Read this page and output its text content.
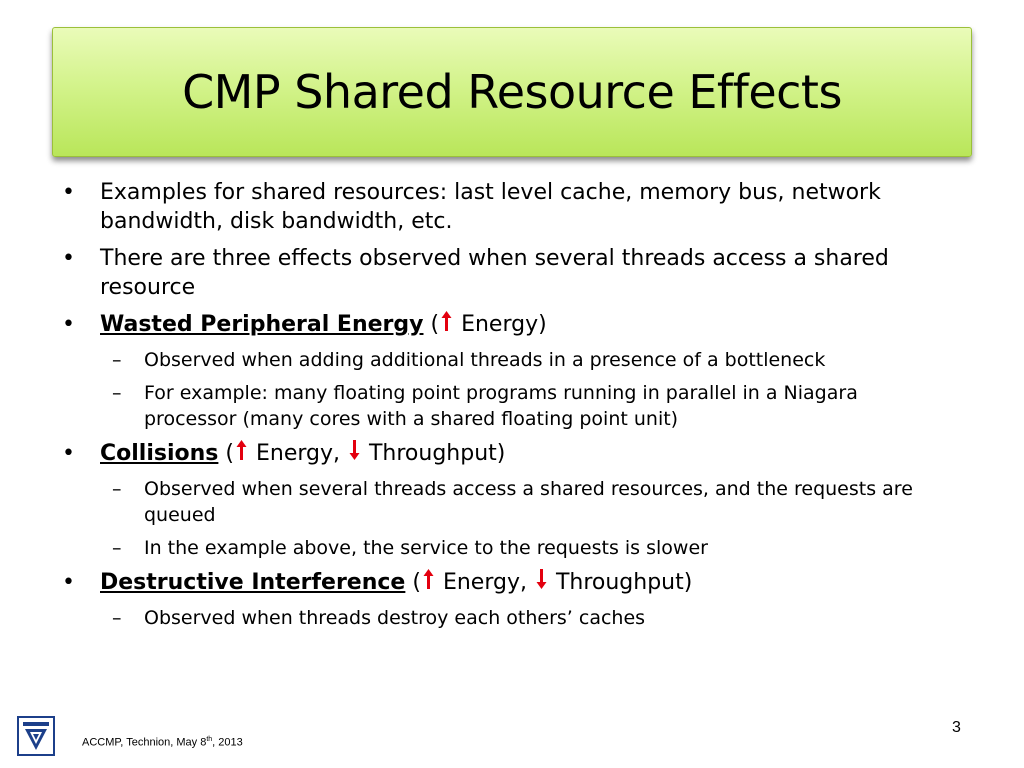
CMP Shared Resource Effects
•	Examples for shared resources: last level cache, memory bus, network bandwidth, disk bandwidth, etc.
•	There are three effects observed when several threads access a shared resource
•	Wasted Peripheral Energy ( Energy)
– Observed when adding additional threads in a presence of a bottleneck
– For example: many floating point programs running in parallel in a Niagara processor (many cores with a shared floating point unit)
•	Collisions ( Energy, Throughput)
– Observed when several threads access a shared resources, and the requests are queued
– In the example above, the service to the requests is slower
•	Destructive Interference ( Energy, Throughput)
– Observed when threads destroy each others’ caches
ACCMP, Technion, May 8th, 2013
3
